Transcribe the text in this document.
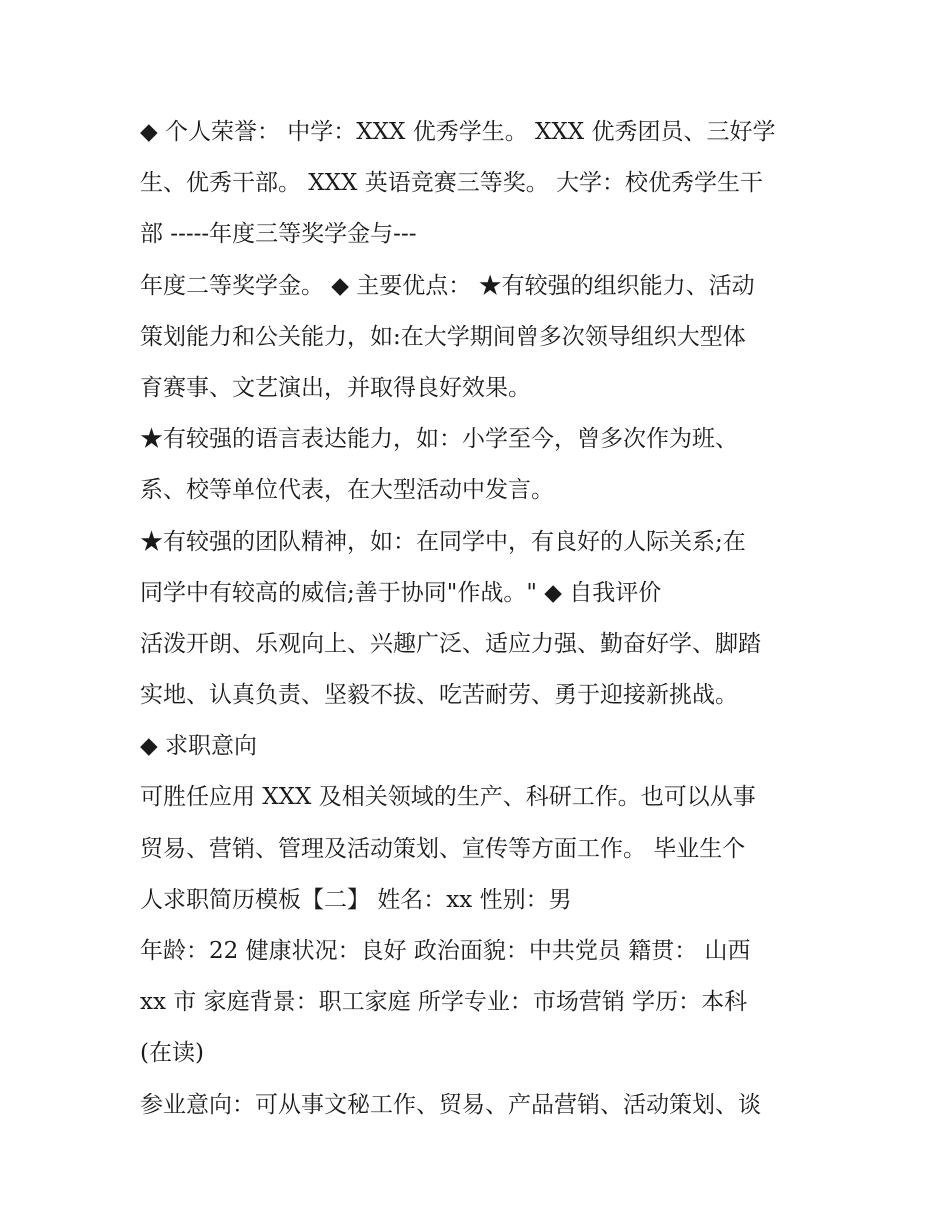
◆ 个人荣誉： 中学：XXX 优秀学生。 XXX 优秀团员、三好学
生、优秀干部。 XXX 英语竞赛三等奖。 大学：校优秀学生干
部 -----年度三等奖学金与---
年度二等奖学金。 ◆ 主要优点： ★有较强的组织能力、活动
策划能力和公关能力，如:在大学期间曾多次领导组织大型体
育赛事、文艺演出，并取得良好效果。
★有较强的语言表达能力，如：小学至今，曾多次作为班、
系、校等单位代表，在大型活动中发言。
★有较强的团队精神，如：在同学中，有良好的人际关系;在
同学中有较高的威信;善于协同"作战。" ◆ 自我评价
活泼开朗、乐观向上、兴趣广泛、适应力强、勤奋好学、脚踏
实地、认真负责、坚毅不拔、吃苦耐劳、勇于迎接新挑战。
◆ 求职意向
可胜任应用 XXX 及相关领域的生产、科研工作。也可以从事
贸易、营销、管理及活动策划、宣传等方面工作。 毕业生个
人求职简历模板【二】 姓名：xx 性别：男
年龄：22 健康状况：良好 政治面貌：中共党员 籍贯： 山西
xx 市 家庭背景：职工家庭 所学专业：市场营销 学历：本科
(在读)
参业意向：可从事文秘工作、贸易、产品营销、活动策划、谈
